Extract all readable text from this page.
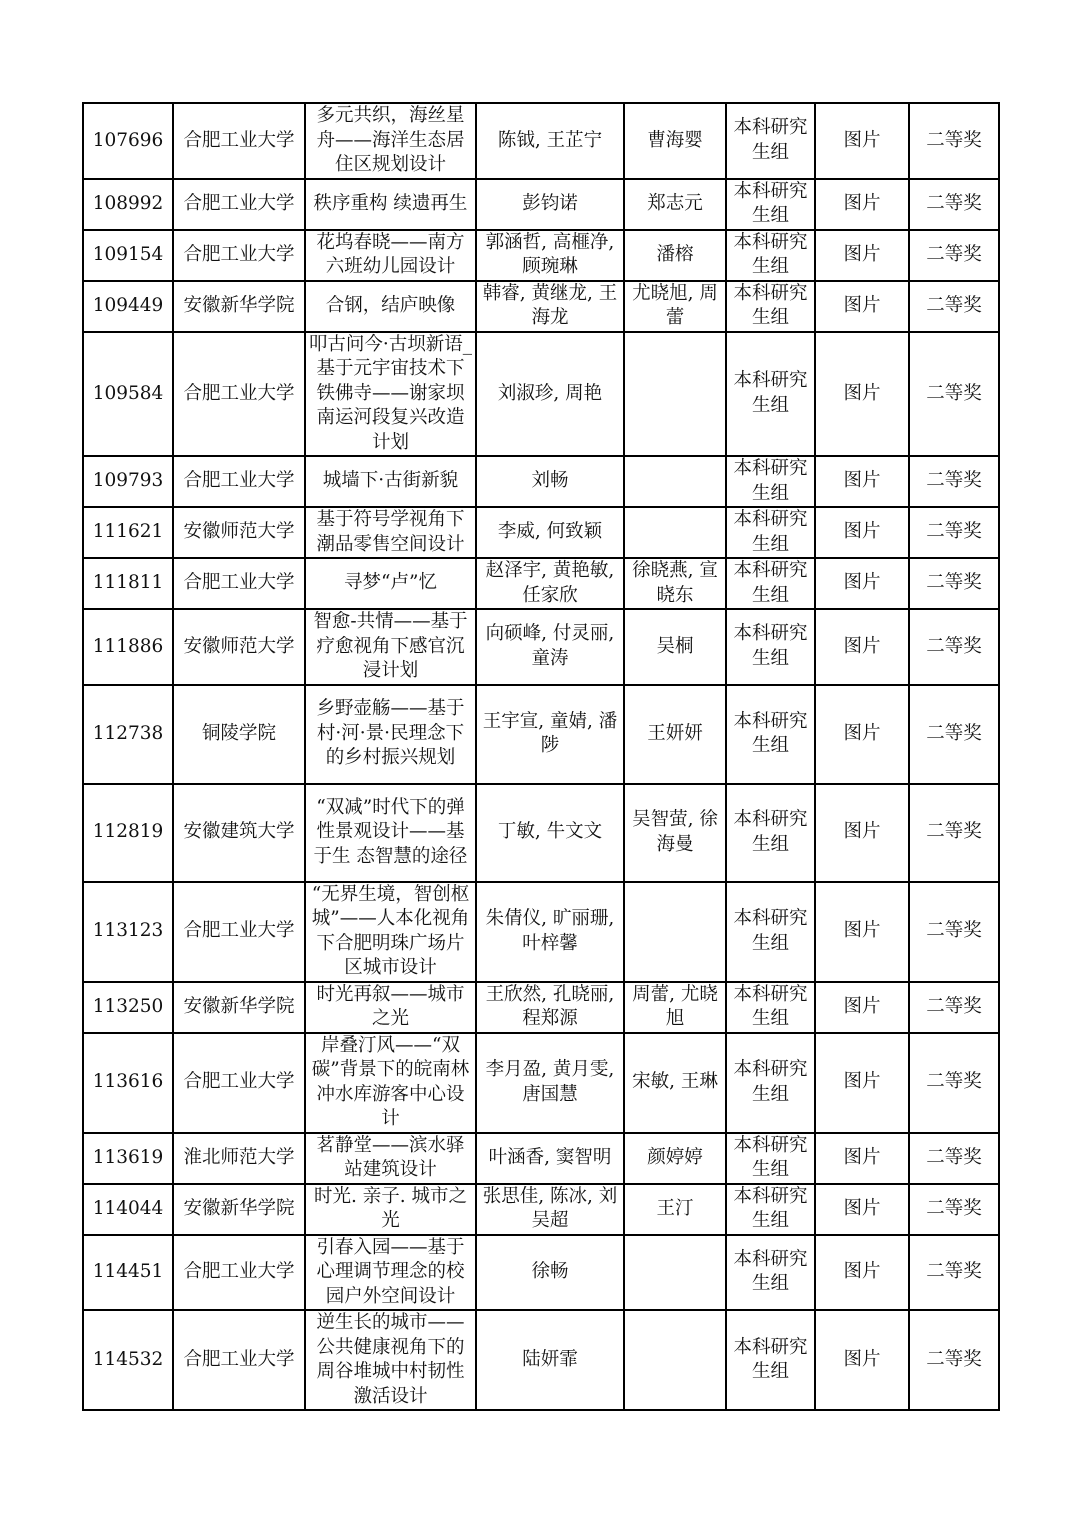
107696	合肥工业大学	多元共织，海丝星舟——海洋生态居住区规划设计	陈钺, 王芷宁	曹海婴	本科研究生组	图片	二等奖
108992	合肥工业大学	秩序重构 续遗再生	彭钧诺	郑志元	本科研究生组	图片	二等奖
109154	合肥工业大学	花坞春晓——南方六班幼儿园设计	郭涵哲, 高榧净, 顾琬琳	潘榕	本科研究生组	图片	二等奖
109449	安徽新华学院	合钢，结庐映像	韩睿, 黄继龙, 王海龙	尤晓旭, 周蕾	本科研究生组	图片	二等奖
109584	合肥工业大学	叩古问今·古坝新语_基于元宇宙技术下铁佛寺——谢家坝南运河段复兴改造计划	刘淑珍, 周艳		本科研究生组	图片	二等奖
109793	合肥工业大学	城墙下·古街新貌	刘畅		本科研究生组	图片	二等奖
111621	安徽师范大学	基于符号学视角下潮品零售空间设计	李威, 何致颖		本科研究生组	图片	二等奖
111811	合肥工业大学	寻梦“卢”忆	赵泽宇, 黄艳敏, 任家欣	徐晓燕, 宣晓东	本科研究生组	图片	二等奖
111886	安徽师范大学	智愈-共情——基于疗愈视角下感官沉浸计划	向硕峰, 付灵丽, 童涛	吴桐	本科研究生组	图片	二等奖
112738	铜陵学院	乡野壶觞——基于村·河·景·民理念下的乡村振兴规划	王宇宣, 童婧, 潘陟	王妍妍	本科研究生组	图片	二等奖
112819	安徽建筑大学	“双减”时代下的弹性景观设计——基于生 态智慧的途径	丁敏, 牛文文	吴智萤, 徐海曼	本科研究生组	图片	二等奖
113123	合肥工业大学	“无界生境，智创枢城”——人本化视角下合肥明珠广场片区城市设计	朱倩仪, 旷丽珊, 叶梓馨		本科研究生组	图片	二等奖
113250	安徽新华学院	时光再叙——城市之光	王欣然, 孔晓丽, 程郑源	周蕾, 尤晓旭	本科研究生组	图片	二等奖
113616	合肥工业大学	岸叠汀风——“双碳”背景下的皖南林冲水库游客中心设计	李月盈, 黄月雯, 唐国慧	宋敏, 王琳	本科研究生组	图片	二等奖
113619	淮北师范大学	茗静堂——滨水驿站建筑设计	叶涵香, 窦智明	颜婷婷	本科研究生组	图片	二等奖
114044	安徽新华学院	时光. 亲子. 城市之光	张思佳, 陈冰, 刘吴超	王汀	本科研究生组	图片	二等奖
114451	合肥工业大学	引春入园——基于心理调节理念的校园户外空间设计	徐畅		本科研究生组	图片	二等奖
114532	合肥工业大学	逆生长的城市——公共健康视角下的周谷堆城中村韧性激活设计	陆妍霏		本科研究生组	图片	二等奖
